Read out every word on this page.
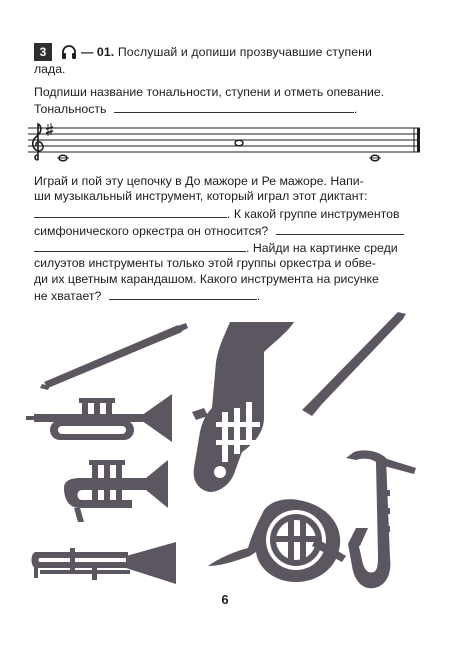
3	— 01. Послушай и допиши прозвучавшие ступени
лада.
Подпиши название тональности, ступени и отметь опевание.
Тональность	.
Играй и пой эту цепочку в До мажоре и Ре мажоре. Напи-
ши музыкальный инструмент, который играл этот диктант:
. К какой группе инструментов
симфонического оркестра он относится?
. Найди на картинке среди
силуэтов инструменты только этой группы оркестра и обве-
ди их цветным карандашом. Какого инструмента на рисунке
не хватает?	.
6
